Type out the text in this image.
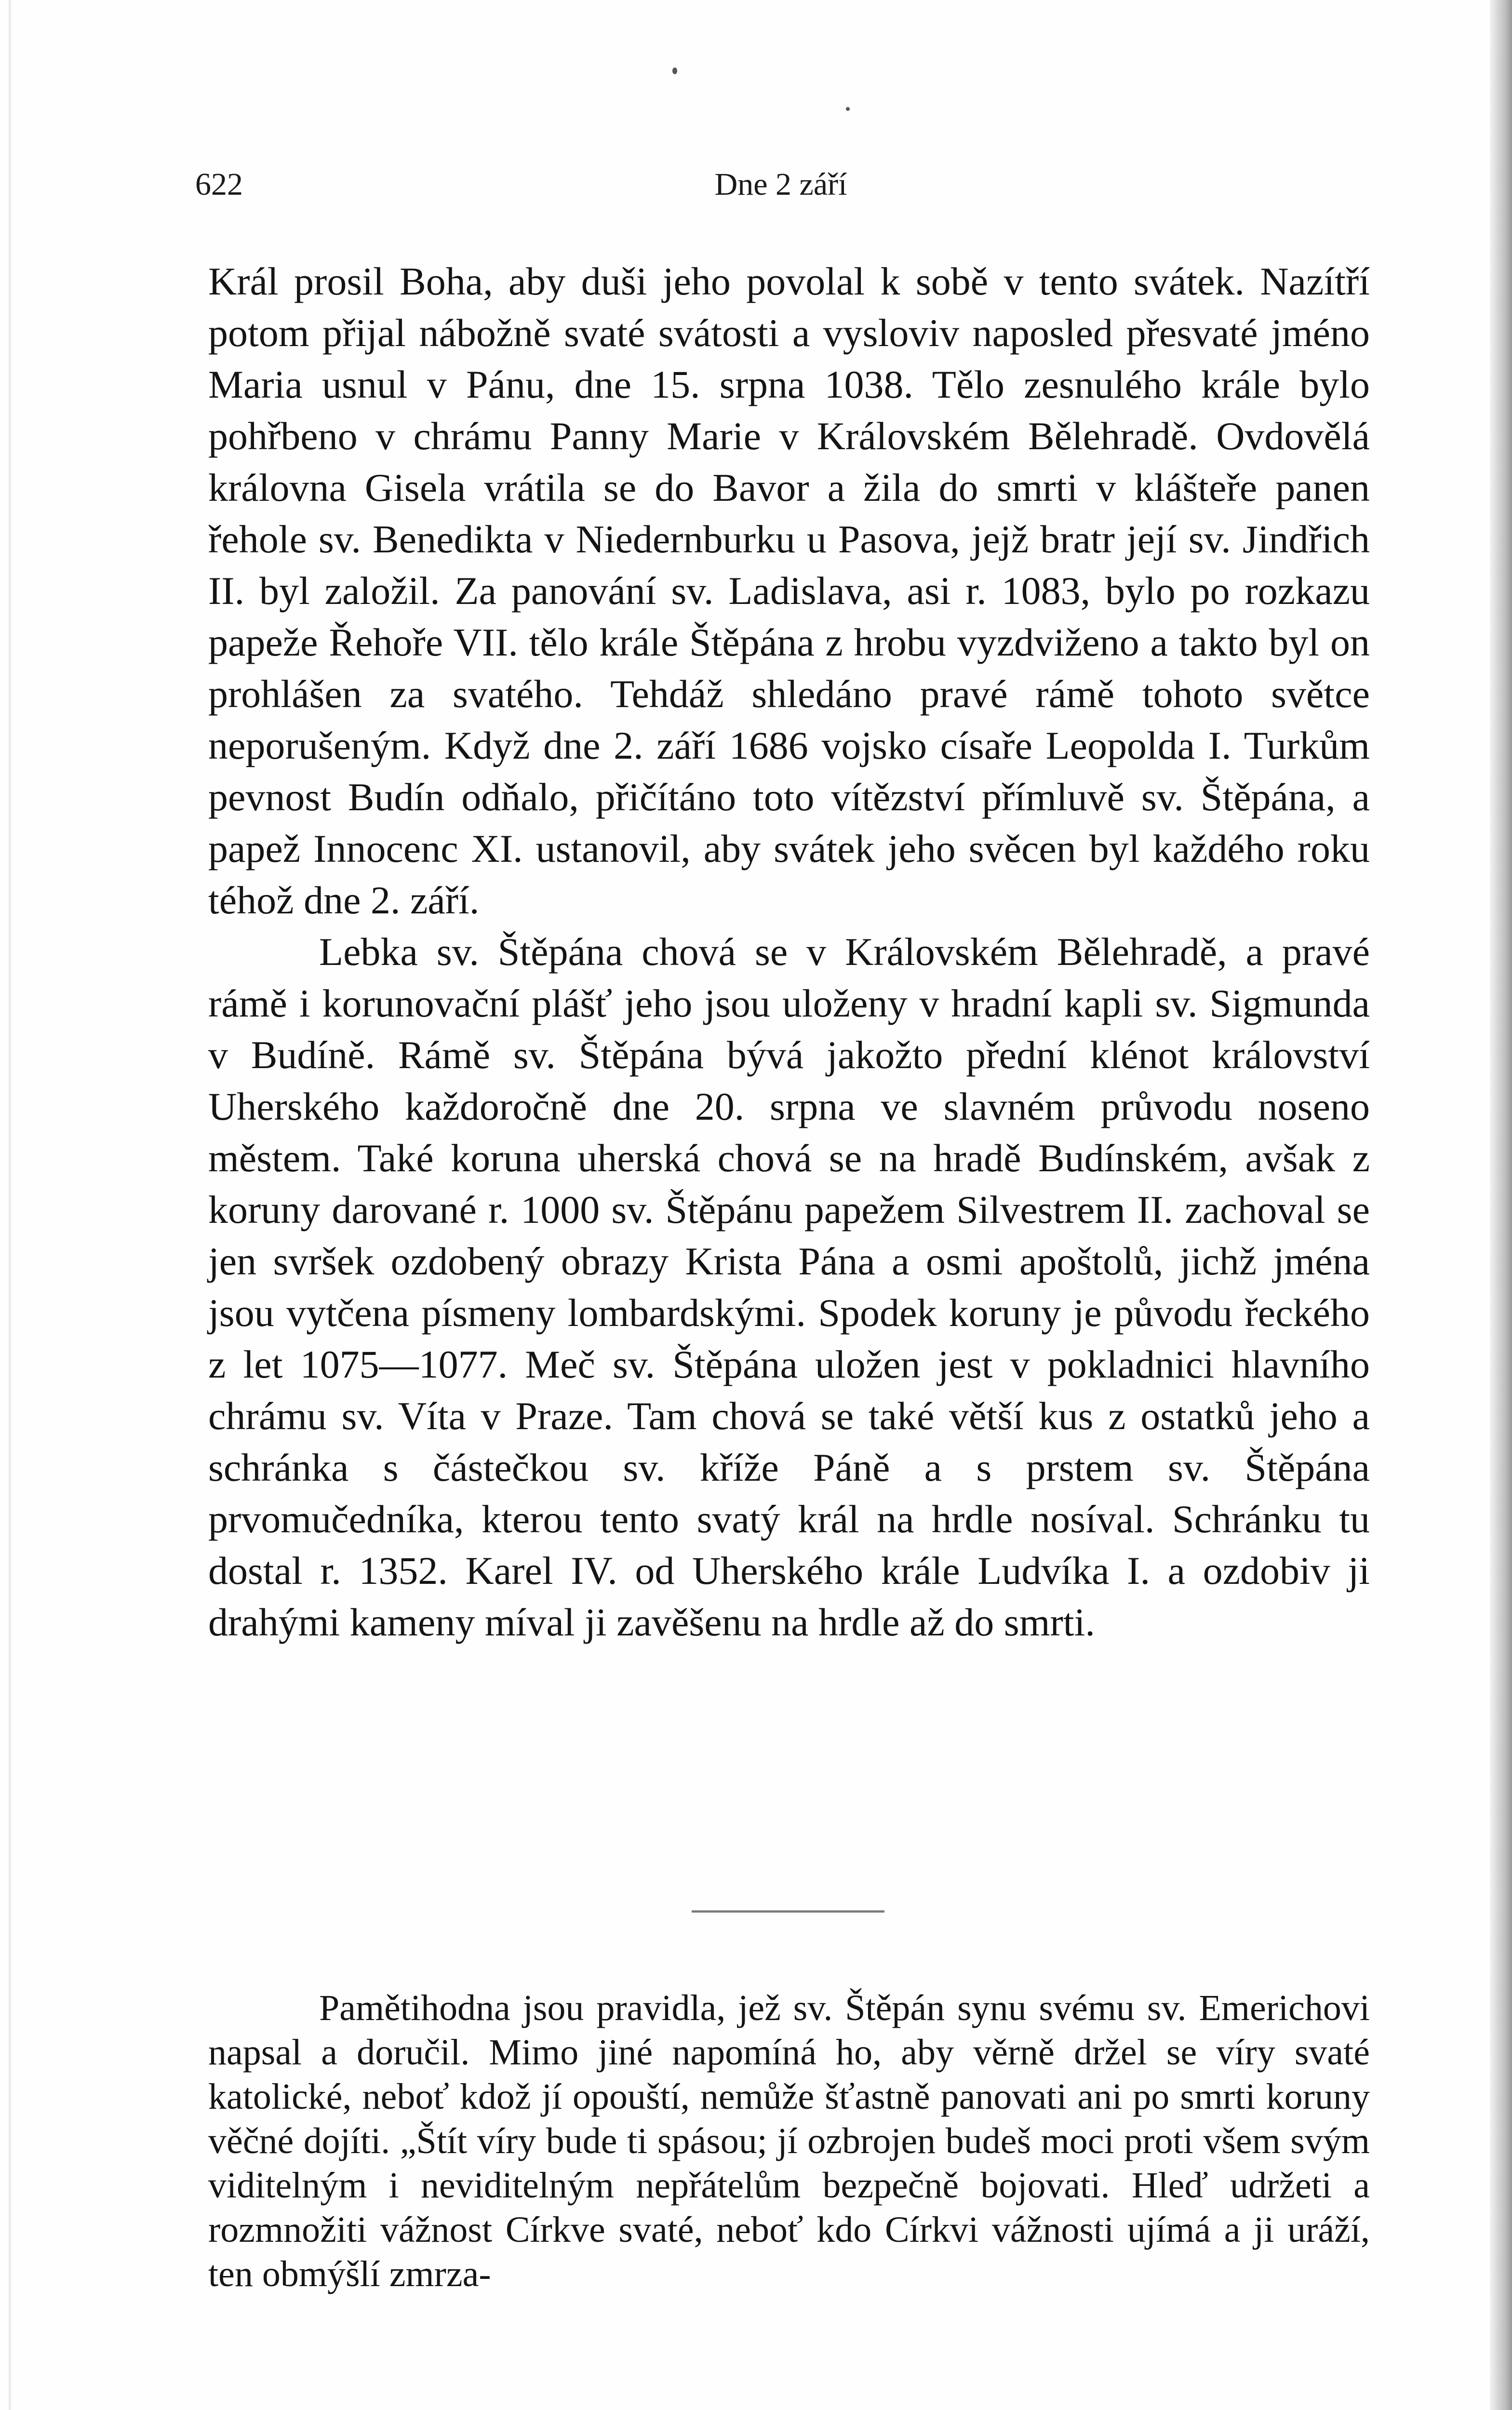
622	Dne 2 září

Král prosil Boha, aby duši jeho povolal k sobě v tento svátek. Nazítří potom přijal nábožně svaté svátosti a vysloviv naposled přesvaté jméno Maria usnul v Pánu, dne 15. srpna 1038. Tělo zesnulého krále bylo pohřbeno v chrámu Panny Marie v Královském Bělehradě. Ovdovělá královna Gisela vrátila se do Bavor a žila do smrti v klášteře panen řehole sv. Benedikta v Niedernburku u Pasova, jejž bratr její sv. Jindřich II. byl založil. Za panování sv. Ladislava, asi r. 1083, bylo po rozkazu papeže Řehoře VII. tělo krále Štěpána z hrobu vyzdviženo a takto byl on prohlášen za svatého. Tehdáž shledáno pravé rámě tohoto světce neporušeným. Když dne 2. září 1686 vojsko císaře Leopolda I. Turkům pevnost Budín odňalo, přičítáno toto vítězství přímluvě sv. Štěpána, a papež Innocenc XI. ustanovil, aby svátek jeho svěcen byl každého roku téhož dne 2. září.

Lebka sv. Štěpána chová se v Královském Bělehradě, a pravé rámě i korunovační plášť jeho jsou uloženy v hradní kapli sv. Sigmunda v Budíně. Rámě sv. Štěpána bývá jakožto přední klénot království Uherského každoročně dne 20. srpna ve slavném průvodu noseno městem. Také koruna uherská chová se na hradě Budínském, avšak z koruny darované r. 1000 sv. Štěpánu papežem Silvestrem II. zachoval se jen svršek ozdobený obrazy Krista Pána a osmi apoštolů, jichž jména jsou vytčena písmeny lombardskými. Spodek koruny je původu řeckého z let 1075—1077. Meč sv. Štěpána uložen jest v pokladnici hlavního chrámu sv. Víta v Praze. Tam chová se také větší kus z ostatků jeho a schránka s částečkou sv. kříže Páně a s prstem sv. Štěpána prvomučedníka, kterou tento svatý král na hrdle nosíval. Schránku tu dostal r. 1352. Karel IV. od Uherského krále Ludvíka I. a ozdobiv ji drahými kameny míval ji zavěšenu na hrdle až do smrti.

Pamětihodna jsou pravidla, jež sv. Štěpán synu svému sv. Emerichovi napsal a doručil. Mimo jiné napomíná ho, aby věrně držel se víry svaté katolické, neboť kdož jí opouští, nemůže šťastně panovati ani po smrti koruny věčné dojíti. „Štít víry bude ti spásou; jí ozbrojen budeš moci proti všem svým viditelným i neviditelným nepřátelům bezpečně bojovati. Hleď udržeti a rozmnožiti vážnost Církve svaté, neboť kdo Církvi vážnosti ujímá a ji uráží, ten obmýšlí zmrza-
